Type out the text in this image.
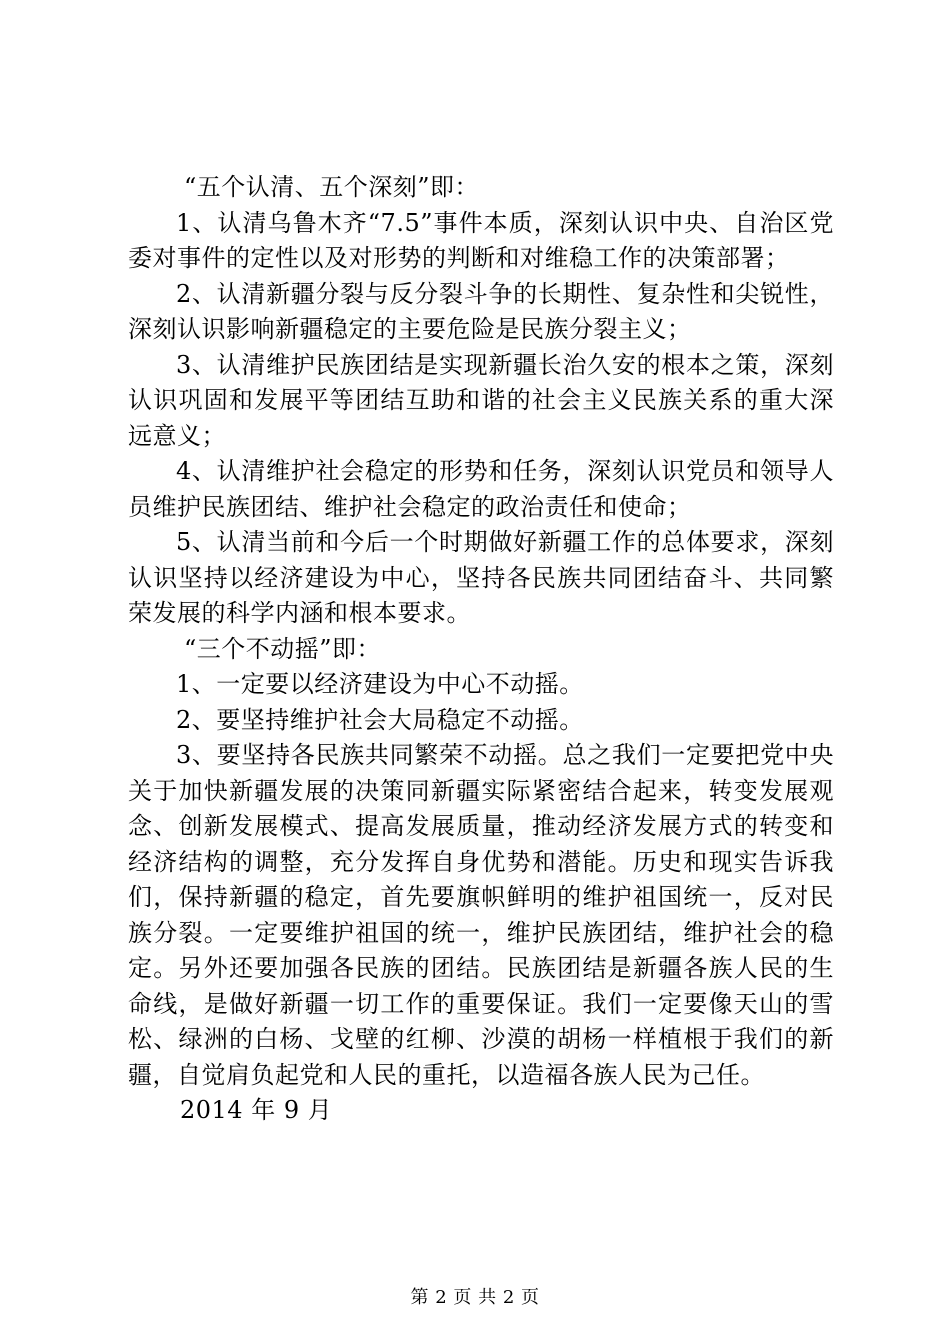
“五个认清、五个深刻”即：

1、认清乌鲁木齐“7.5”事件本质，深刻认识中央、自治区党委对事件的定性以及对形势的判断和对维稳工作的决策部署；

2、认清新疆分裂与反分裂斗争的长期性、复杂性和尖锐性，深刻认识影响新疆稳定的主要危险是民族分裂主义；

3、认清维护民族团结是实现新疆长治久安的根本之策，深刻认识巩固和发展平等团结互助和谐的社会主义民族关系的重大深远意义；

4、认清维护社会稳定的形势和任务，深刻认识党员和领导人员维护民族团结、维护社会稳定的政治责任和使命；

5、认清当前和今后一个时期做好新疆工作的总体要求，深刻认识坚持以经济建设为中心，坚持各民族共同团结奋斗、共同繁荣发展的科学内涵和根本要求。

“三个不动摇”即：

1、一定要以经济建设为中心不动摇。

2、要坚持维护社会大局稳定不动摇。

3、要坚持各民族共同繁荣不动摇。总之我们一定要把党中央关于加快新疆发展的决策同新疆实际紧密结合起来，转变发展观念、创新发展模式、提高发展质量，推动经济发展方式的转变和经济结构的调整，充分发挥自身优势和潜能。历史和现实告诉我们，保持新疆的稳定，首先要旗帜鲜明的维护祖国统一，反对民族分裂。一定要维护祖国的统一，维护民族团结，维护社会的稳定。另外还要加强各民族的团结。民族团结是新疆各族人民的生命线，是做好新疆一切工作的重要保证。我们一定要像天山的雪松、绿洲的白杨、戈壁的红柳、沙漠的胡杨一样植根于我们的新疆，自觉肩负起党和人民的重托，以造福各族人民为己任。

2014 年 9 月

第 2 页 共 2 页
